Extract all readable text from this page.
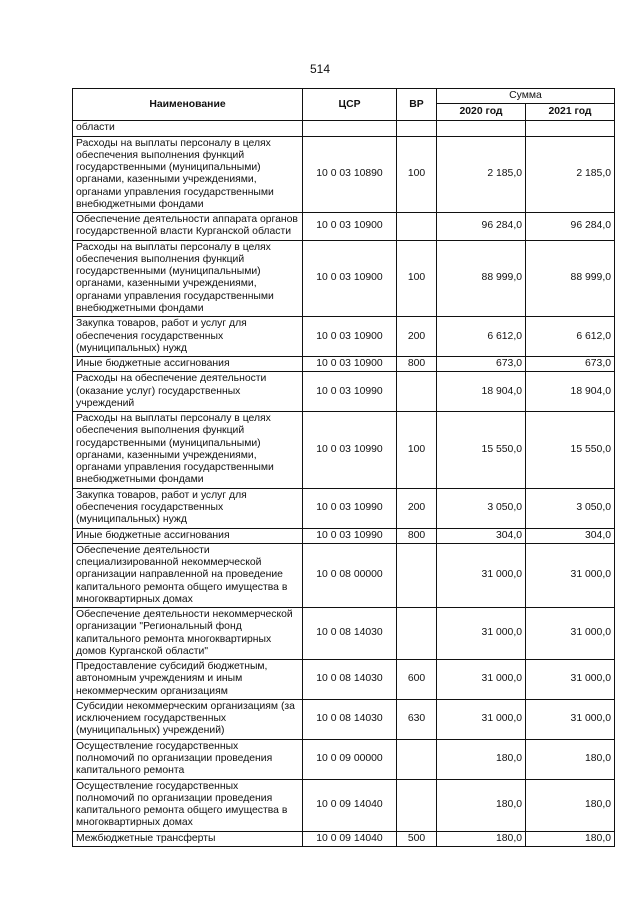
514
Наименование	ЦСР	ВР	Сумма	
			2020 год	2021 год
области				
Расходы на выплаты персоналу в целях обеспечения выполнения функций государственными (муниципальными) органами, казенными учреждениями, органами управления государственными внебюджетными фондами	10 0 03 10890	100	2 185,0	2 185,0
Обеспечение деятельности аппарата органов государственной власти Курганской области	10 0 03 10900		96 284,0	96 284,0
Расходы на выплаты персоналу в целях обеспечения выполнения функций государственными (муниципальными) органами, казенными учреждениями, органами управления государственными внебюджетными фондами	10 0 03 10900	100	88 999,0	88 999,0
Закупка товаров, работ и услуг для обеспечения государственных (муниципальных) нужд	10 0 03 10900	200	6 612,0	6 612,0
Иные бюджетные ассигнования	10 0 03 10900	800	673,0	673,0
Расходы на обеспечение деятельности (оказание услуг) государственных учреждений	10 0 03 10990		18 904,0	18 904,0
Расходы на выплаты персоналу в целях обеспечения выполнения функций государственными (муниципальными) органами, казенными учреждениями, органами управления государственными внебюджетными фондами	10 0 03 10990	100	15 550,0	15 550,0
Закупка товаров, работ и услуг для обеспечения государственных (муниципальных) нужд	10 0 03 10990	200	3 050,0	3 050,0
Иные бюджетные ассигнования	10 0 03 10990	800	304,0	304,0
Обеспечение деятельности специализированной некоммерческой организации направленной на проведение капитального ремонта общего имущества в многоквартирных домах	10 0 08 00000		31 000,0	31 000,0
Обеспечение деятельности некоммерческой организации "Региональный фонд капитального ремонта многоквартирных домов Курганской области"	10 0 08 14030		31 000,0	31 000,0
Предоставление субсидий бюджетным, автономным учреждениям и иным некоммерческим организациям	10 0 08 14030	600	31 000,0	31 000,0
Субсидии некоммерческим организациям (за исключением государственных (муниципальных) учреждений)	10 0 08 14030	630	31 000,0	31 000,0
Осуществление государственных полномочий по организации проведения капитального ремонта	10 0 09 00000		180,0	180,0
Осуществление государственных полномочий по организации проведения капитального ремонта общего имущества в многоквартирных домах	10 0 09 14040		180,0	180,0
Межбюджетные трансферты	10 0 09 14040	500	180,0	180,0
